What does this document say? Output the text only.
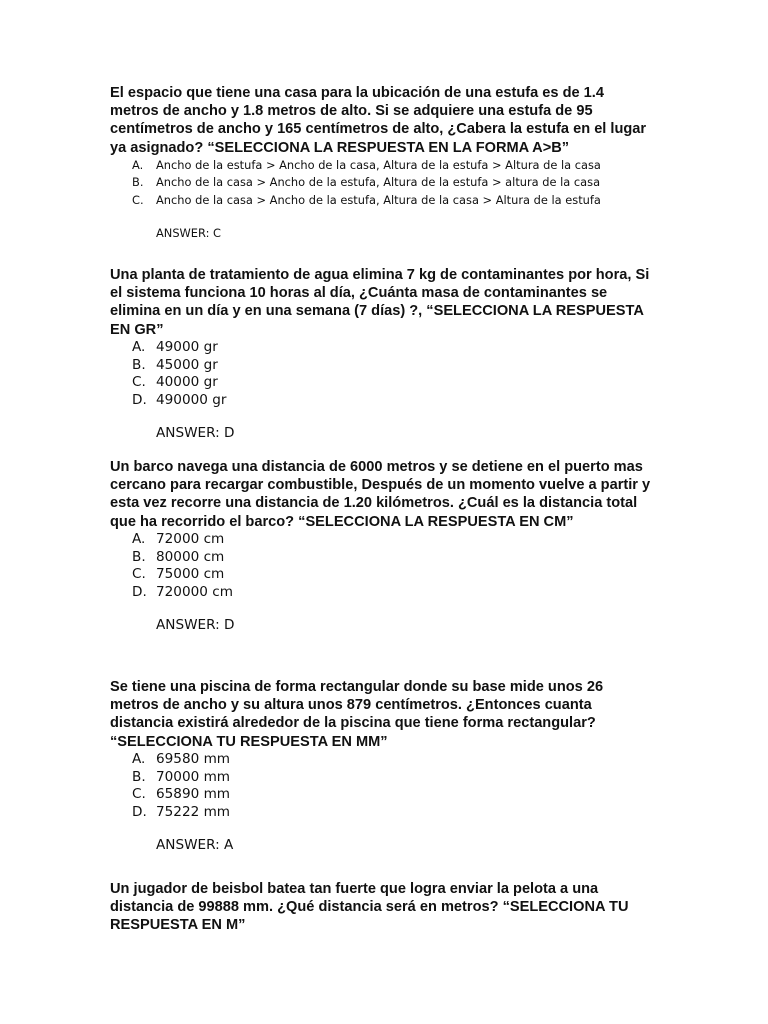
El espacio que tiene una casa para la ubicación de una estufa es de 1.4 metros de ancho y 1.8 metros de alto. Si se adquiere una estufa de 95 centímetros de ancho y 165 centímetros de alto, ¿Cabera la estufa en el lugar ya asignado? “SELECCIONA LA RESPUESTA EN LA FORMA A>B”

A.	Ancho de la estufa > Ancho de la casa, Altura de la estufa > Altura de la casa
B.	Ancho de la casa > Ancho de la estufa, Altura de la estufa > altura de la casa
C.	Ancho de la casa > Ancho de la estufa, Altura de la casa > Altura de la estufa

ANSWER: C

Una planta de tratamiento de agua elimina 7 kg de contaminantes por hora, Si el sistema funciona 10 horas al día, ¿Cuánta masa de contaminantes se elimina en un día y en una semana (7 días) ?, “SELECCIONA LA RESPUESTA EN GR”

A. 49000 gr
B. 45000 gr
C. 40000 gr
D. 490000 gr

ANSWER: D

Un barco navega una distancia de 6000 metros y se detiene en el puerto mas cercano para recargar combustible, Después de un momento vuelve a partir y esta vez recorre una distancia de 1.20 kilómetros. ¿Cuál es la distancia total que ha recorrido el barco? “SELECCIONA LA RESPUESTA EN CM”

A. 72000 cm
B. 80000 cm
C. 75000 cm
D. 720000 cm

ANSWER: D

Se tiene una piscina de forma rectangular donde su base mide unos 26 metros de ancho y su altura unos 879 centímetros. ¿Entonces cuanta distancia existirá alrededor de la piscina que tiene forma rectangular? “SELECCIONA TU RESPUESTA EN MM”

A. 69580 mm
B. 70000 mm
C. 65890 mm
D. 75222 mm

ANSWER: A

Un jugador de beisbol batea tan fuerte que logra enviar la pelota a una distancia de 99888 mm. ¿Qué distancia será en metros? “SELECCIONA TU RESPUESTA EN M”
